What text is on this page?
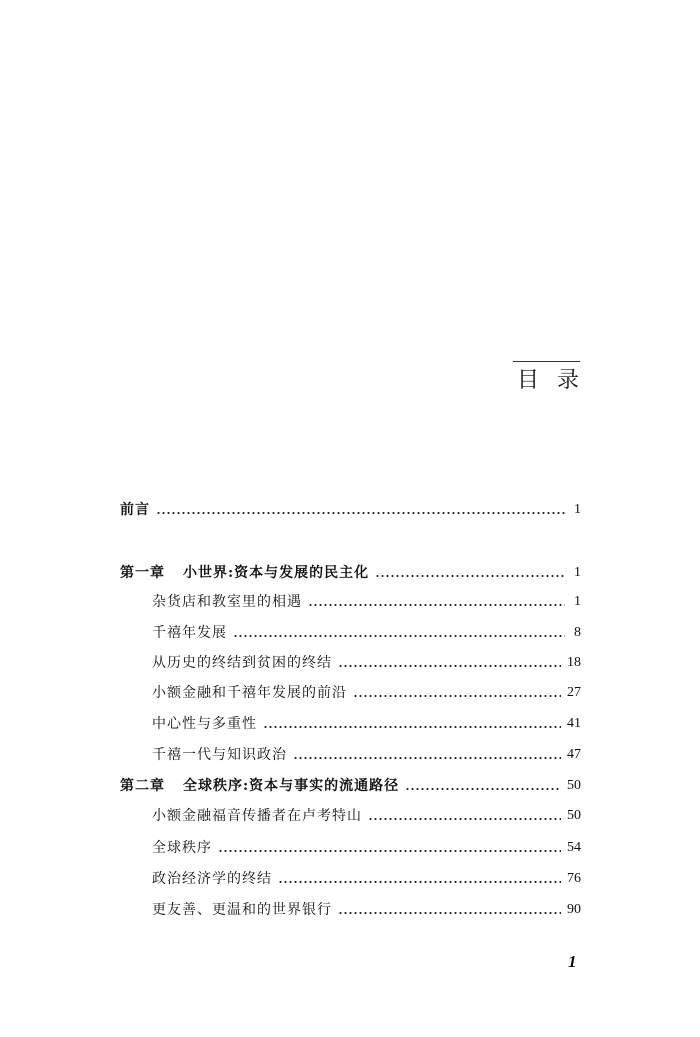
目录
前言	1
第一章 小世界:资本与发展的民主化	1
杂货店和教室里的相遇	1
千禧年发展	8
从历史的终结到贫困的终结	18
小额金融和千禧年发展的前沿	27
中心性与多重性	41
千禧一代与知识政治	47
第二章 全球秩序:资本与事实的流通路径	50
小额金融福音传播者在卢考特山	50
全球秩序	54
政治经济学的终结	76
更友善、更温和的世界银行	90
1
